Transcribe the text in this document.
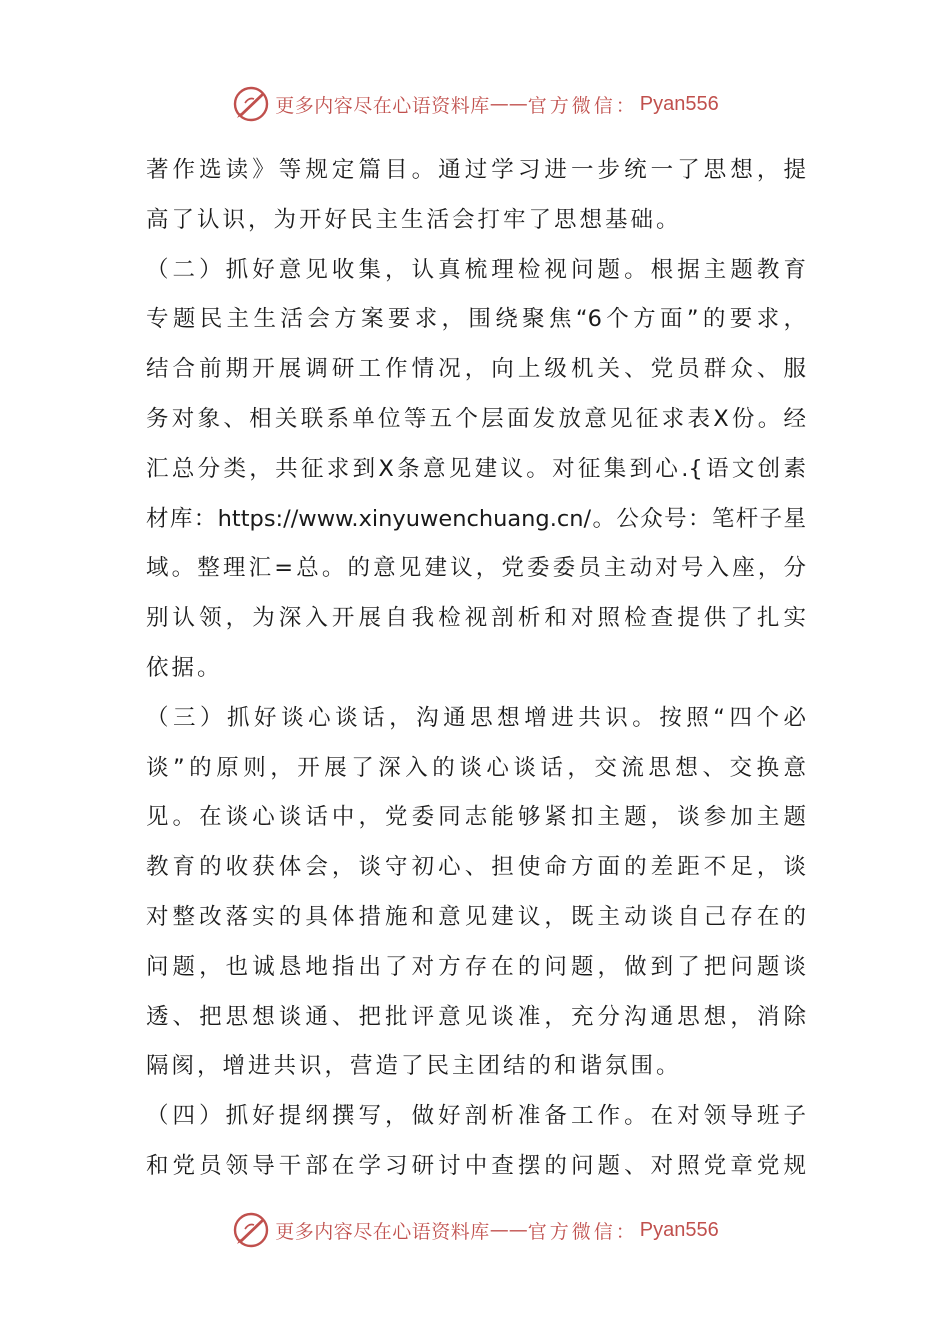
更多内容尽在心语资料库 —— 官方微信： Pyan556
著作选读》等规定篇目。通过学习进一步统一了思想，提
高了认识，为开好民主生活会打牢了思想基础。
（二）抓好意见收集，认真梳理检视问题。根据主题教育
专题民主生活会方案要求，围绕聚焦“6个方面”的要求，
结合前期开展调研工作情况，向上级机关、党员群众、服
务对象、相关联系单位等五个层面发放意见征求表X份。经
汇总分类，共征求到X条意见建议。对征集到心.{语文创素
材库：https://www.xinyuwenchuang.cn/。公众号：笔杆子星
域。整理汇=总。的意见建议，党委委员主动对号入座，分
别认领，为深入开展自我检视剖析和对照检查提供了扎实
依据。
（三）抓好谈心谈话，沟通思想增进共识。按照“四个必
谈”的原则，开展了深入的谈心谈话，交流思想、交换意
见。在谈心谈话中，党委同志能够紧扣主题，谈参加主题
教育的收获体会，谈守初心、担使命方面的差距不足，谈
对整改落实的具体措施和意见建议，既主动谈自己存在的
问题，也诚恳地指出了对方存在的问题，做到了把问题谈
透、把思想谈通、把批评意见谈准，充分沟通思想，消除
隔阂，增进共识，营造了民主团结的和谐氛围。
（四）抓好提纲撰写，做好剖析准备工作。在对领导班子
和党员领导干部在学习研讨中查摆的问题、对照党章党规
更多内容尽在心语资料库 —— 官方微信： Pyan556
